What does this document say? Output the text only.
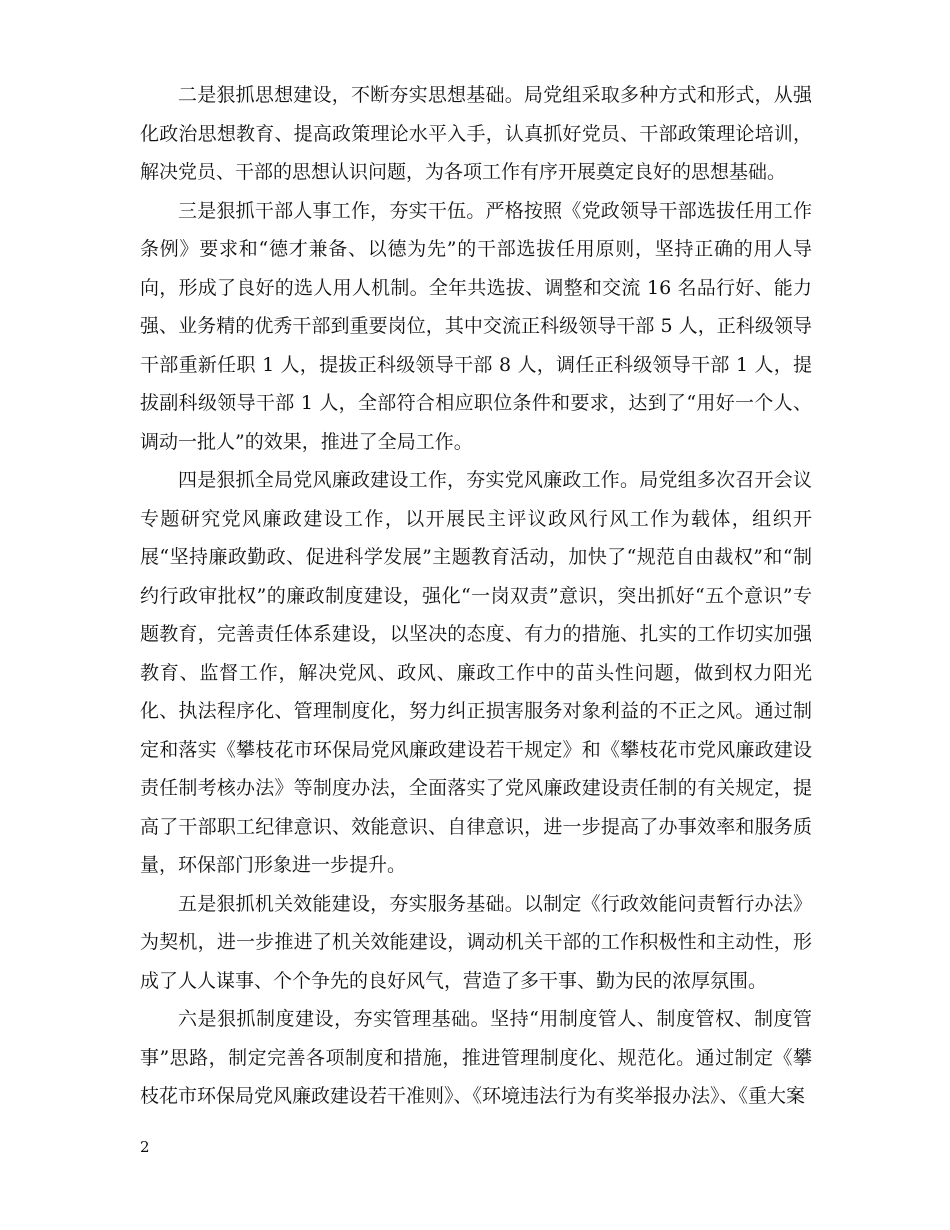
二是狠抓思想建设，不断夯实思想基础。局党组采取多种方式和形式，从强化政治思想教育、提高政策理论水平入手，认真抓好党员、干部政策理论培训，解决党员、干部的思想认识问题，为各项工作有序开展奠定良好的思想基础。

三是狠抓干部人事工作，夯实干伍。严格按照《党政领导干部选拔任用工作条例》要求和“德才兼备、以德为先”的干部选拔任用原则，坚持正确的用人导向，形成了良好的选人用人机制。全年共选拔、调整和交流 16 名品行好、能力强、业务精的优秀干部到重要岗位，其中交流正科级领导干部 5 人，正科级领导干部重新任职 1 人，提拔正科级领导干部 8 人，调任正科级领导干部 1 人，提拔副科级领导干部 1 人，全部符合相应职位条件和要求，达到了“用好一个人、调动一批人”的效果，推进了全局工作。

四是狠抓全局党风廉政建设工作，夯实党风廉政工作。局党组多次召开会议专题研究党风廉政建设工作，以开展民主评议政风行风工作为载体，组织开展“坚持廉政勤政、促进科学发展”主题教育活动，加快了“规范自由裁权”和“制约行政审批权”的廉政制度建设，强化“一岗双责”意识，突出抓好“五个意识”专题教育，完善责任体系建设，以坚决的态度、有力的措施、扎实的工作切实加强教育、监督工作，解决党风、政风、廉政工作中的苗头性问题，做到权力阳光化、执法程序化、管理制度化，努力纠正损害服务对象利益的不正之风。通过制定和落实《攀枝花市环保局党风廉政建设若干规定》和《攀枝花市党风廉政建设责任制考核办法》等制度办法，全面落实了党风廉政建设责任制的有关规定，提高了干部职工纪律意识、效能意识、自律意识，进一步提高了办事效率和服务质量，环保部门形象进一步提升。

五是狠抓机关效能建设，夯实服务基础。以制定《行政效能问责暂行办法》为契机，进一步推进了机关效能建设，调动机关干部的工作积极性和主动性，形成了人人谋事、个个争先的良好风气，营造了多干事、勤为民的浓厚氛围。

六是狠抓制度建设，夯实管理基础。坚持“用制度管人、制度管权、制度管事”思路，制定完善各项制度和措施，推进管理制度化、规范化。通过制定《攀枝花市环保局党风廉政建设若干准则》、《环境违法行为有奖举报办法》、《重大案

2
